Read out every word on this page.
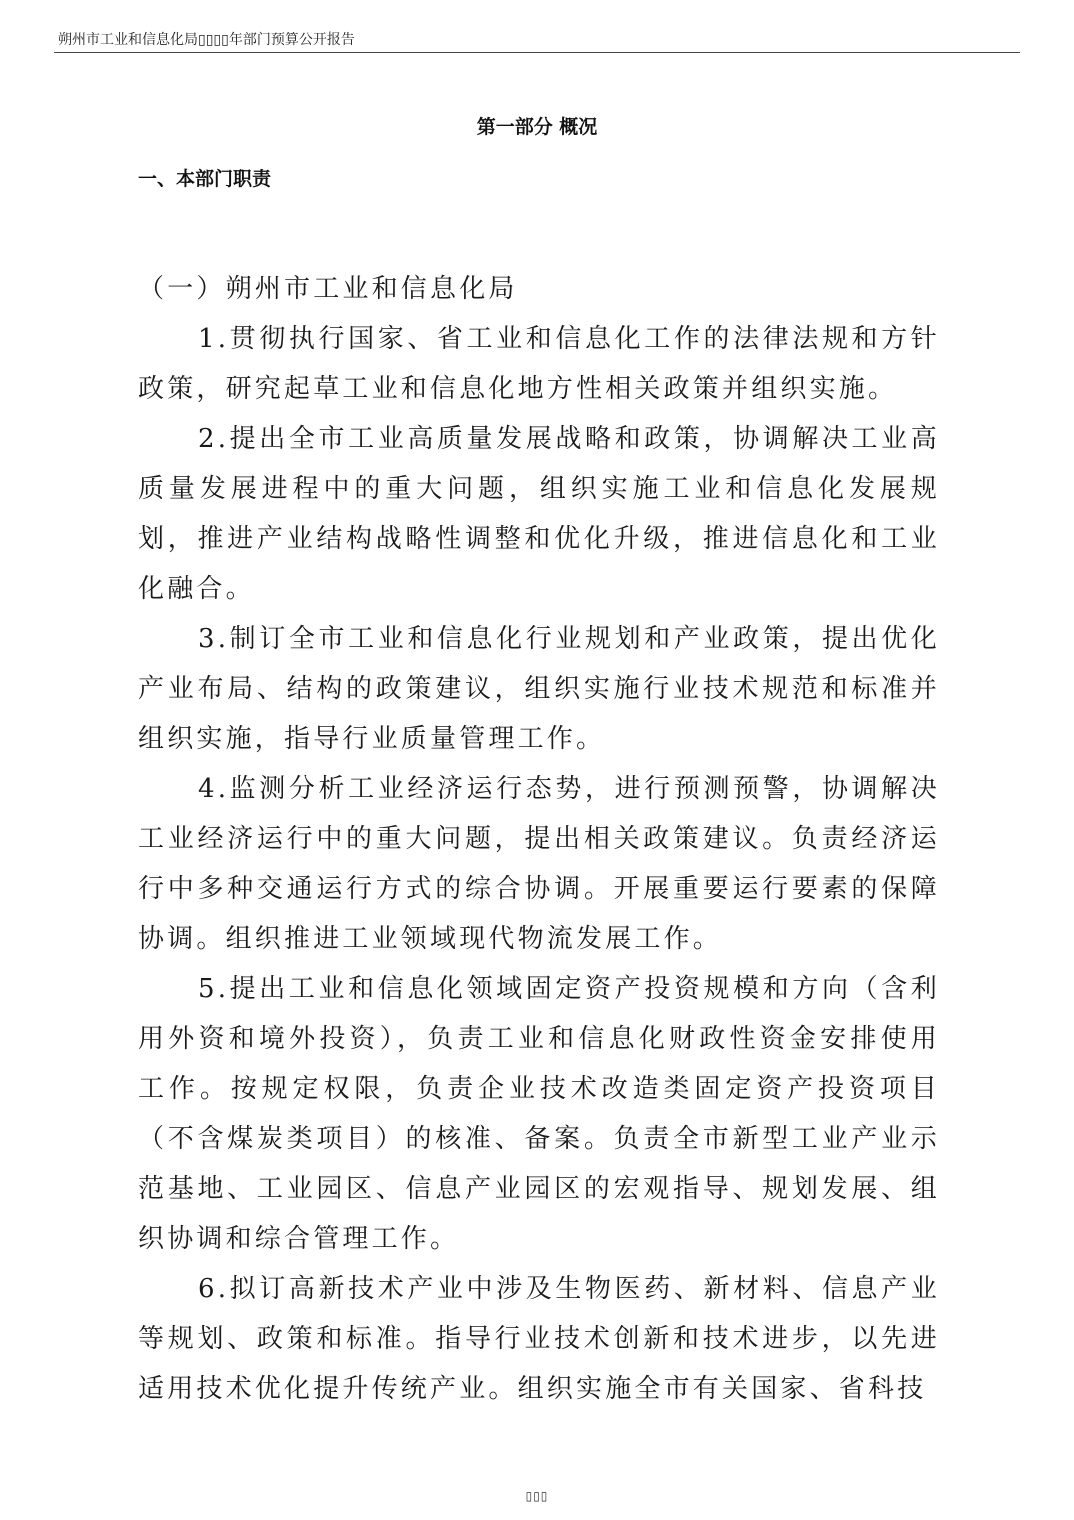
朔州市工业和信息化局▯▯▯▯年部门预算公开报告
第一部分 概况
一、本部门职责

（一）朔州市工业和信息化局

1.贯彻执行国家、省工业和信息化工作的法律法规和方针政策，研究起草工业和信息化地方性相关政策并组织实施。

2.提出全市工业高质量发展战略和政策，协调解决工业高质量发展进程中的重大问题，组织实施工业和信息化发展规划，推进产业结构战略性调整和优化升级，推进信息化和工业化融合。

3.制订全市工业和信息化行业规划和产业政策，提出优化产业布局、结构的政策建议，组织实施行业技术规范和标准并组织实施，指导行业质量管理工作。

4.监测分析工业经济运行态势，进行预测预警，协调解决工业经济运行中的重大问题，提出相关政策建议。负责经济运行中多种交通运行方式的综合协调。开展重要运行要素的保障协调。组织推进工业领域现代物流发展工作。

5.提出工业和信息化领域固定资产投资规模和方向（含利用外资和境外投资），负责工业和信息化财政性资金安排使用工作。按规定权限，负责企业技术改造类固定资产投资项目（不含煤炭类项目）的核准、备案。负责全市新型工业产业示范基地、工业园区、信息产业园区的宏观指导、规划发展、组织协调和综合管理工作。

6.拟订高新技术产业中涉及生物医药、新材料、信息产业等规划、政策和标准。指导行业技术创新和技术进步，以先进适用技术优化提升传统产业。组织实施全市有关国家、省科技

▯▯▯
